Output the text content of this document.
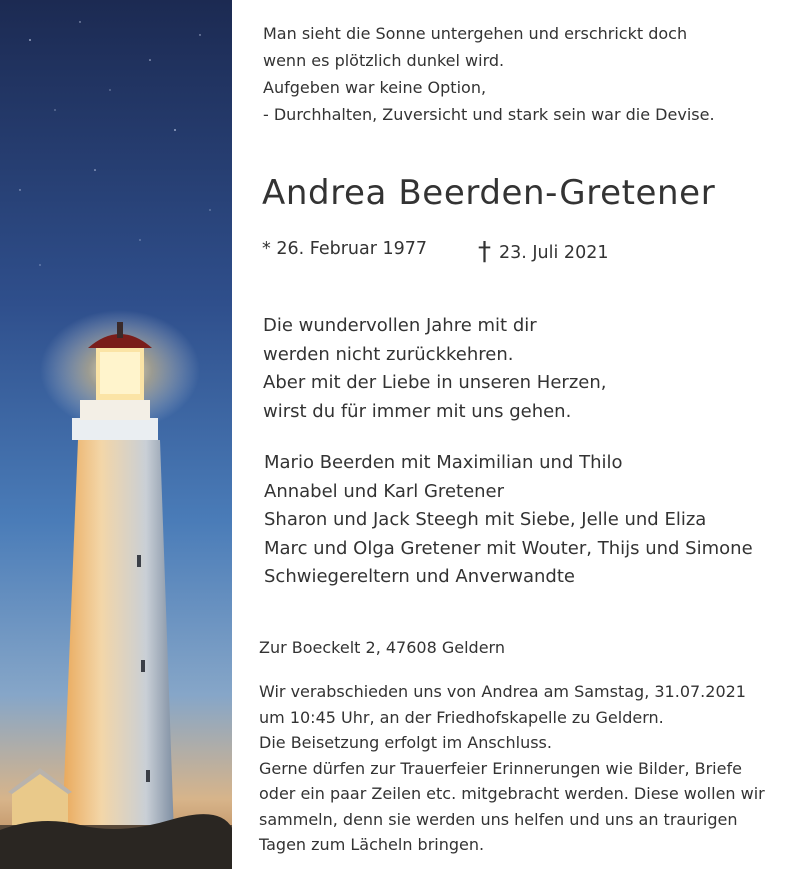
Man sieht die Sonne untergehen und erschrickt doch
wenn es plötzlich dunkel wird.
Aufgeben war keine Option,
- Durchhalten, Zuversicht und stark sein war die Devise.
Andrea Beerden-Gretener
* 26. Februar 1977 † 23. Juli 2021
Die wundervollen Jahre mit dir
werden nicht zurückkehren.
Aber mit der Liebe in unseren Herzen,
wirst du für immer mit uns gehen.
Mario Beerden mit Maximilian und Thilo
Annabel und Karl Gretener
Sharon und Jack Steegh mit Siebe, Jelle und Eliza
Marc und Olga Gretener mit Wouter, Thijs und Simone
Schwiegereltern und Anverwandte
Zur Boeckelt 2, 47608 Geldern
Wir verabschieden uns von Andrea am Samstag, 31.07.2021
um 10:45 Uhr, an der Friedhofskapelle zu Geldern.
Die Beisetzung erfolgt im Anschluss.
Gerne dürfen zur Trauerfeier Erinnerungen wie Bilder, Briefe
oder ein paar Zeilen etc. mitgebracht werden. Diese wollen wir
sammeln, denn sie werden uns helfen und uns an traurigen
Tagen zum Lächeln bringen.
